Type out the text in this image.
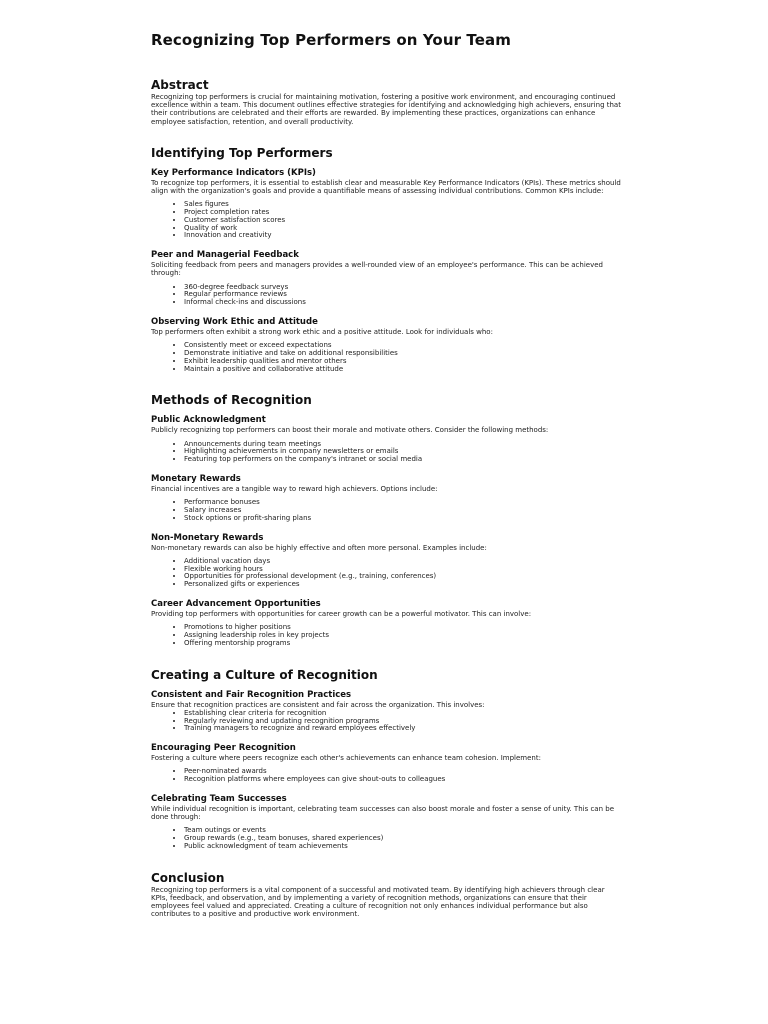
Recognizing Top Performers on Your Team
Abstract

Recognizing top performers is crucial for maintaining motivation, fostering a positive work environment, and encouraging continued excellence within a team. This document outlines effective strategies for identifying and acknowledging high achievers, ensuring that their contributions are celebrated and their efforts are rewarded. By implementing these practices, organizations can enhance employee satisfaction, retention, and overall productivity.

Identifying Top Performers
Key Performance Indicators (KPIs)

To recognize top performers, it is essential to establish clear and measurable Key Performance Indicators (KPIs). These metrics should align with the organization's goals and provide a quantifiable means of assessing individual contributions. Common KPIs include:

• Sales figures
• Project completion rates
• Customer satisfaction scores
• Quality of work
• Innovation and creativity
Peer and Managerial Feedback

Soliciting feedback from peers and managers provides a well-rounded view of an employee's performance. This can be achieved through:

• 360-degree feedback surveys
• Regular performance reviews
• Informal check-ins and discussions
Observing Work Ethic and Attitude

Top performers often exhibit a strong work ethic and a positive attitude. Look for individuals who:

• Consistently meet or exceed expectations
• Demonstrate initiative and take on additional responsibilities
• Exhibit leadership qualities and mentor others
• Maintain a positive and collaborative attitude
Methods of Recognition
Public Acknowledgment

Publicly recognizing top performers can boost their morale and motivate others. Consider the following methods:

• Announcements during team meetings
• Highlighting achievements in company newsletters or emails
• Featuring top performers on the company's intranet or social media
Monetary Rewards

Financial incentives are a tangible way to reward high achievers. Options include:

• Performance bonuses
• Salary increases
• Stock options or profit-sharing plans
Non-Monetary Rewards

Non-monetary rewards can also be highly effective and often more personal. Examples include:

• Additional vacation days
• Flexible working hours
• Opportunities for professional development (e.g., training, conferences)
• Personalized gifts or experiences
Career Advancement Opportunities

Providing top performers with opportunities for career growth can be a powerful motivator. This can involve:

• Promotions to higher positions
• Assigning leadership roles in key projects
• Offering mentorship programs
Creating a Culture of Recognition
Consistent and Fair Recognition Practices

Ensure that recognition practices are consistent and fair across the organization. This involves:

• Establishing clear criteria for recognition
• Regularly reviewing and updating recognition programs
• Training managers to recognize and reward employees effectively
Encouraging Peer Recognition

Fostering a culture where peers recognize each other's achievements can enhance team cohesion. Implement:

• Peer-nominated awards
• Recognition platforms where employees can give shout-outs to colleagues
Celebrating Team Successes

While individual recognition is important, celebrating team successes can also boost morale and foster a sense of unity. This can be done through:

• Team outings or events
• Group rewards (e.g., team bonuses, shared experiences)
• Public acknowledgment of team achievements
Conclusion

Recognizing top performers is a vital component of a successful and motivated team. By identifying high achievers through clear KPIs, feedback, and observation, and by implementing a variety of recognition methods, organizations can ensure that their employees feel valued and appreciated. Creating a culture of recognition not only enhances individual performance but also contributes to a positive and productive work environment.
